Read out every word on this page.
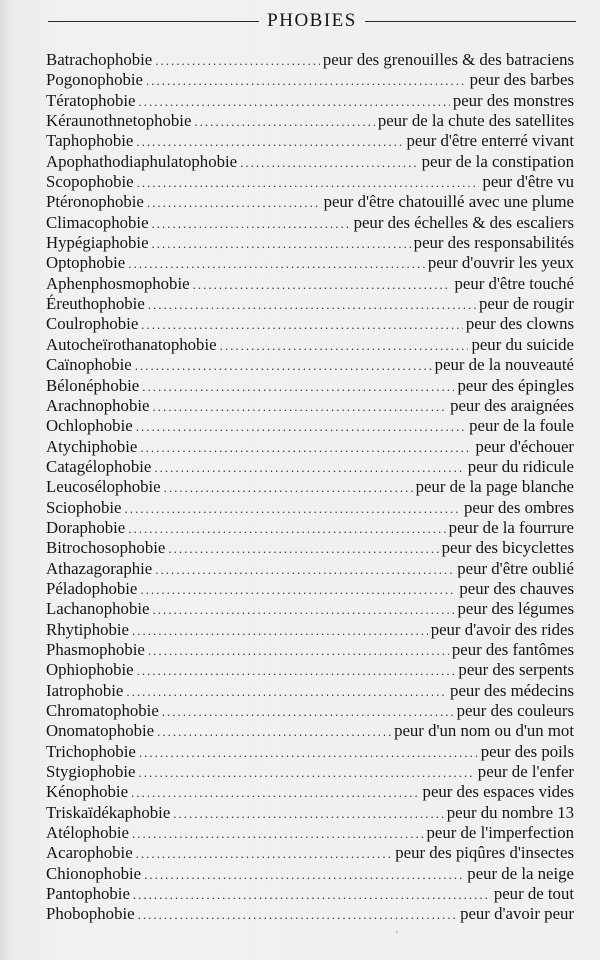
PHOBIES
Batrachophobie .....	peur des grenouilles & des batraciens
Pogonophobie .....	peur des barbes
Tératophobie .....	peur des monstres
Kéraunothnetophobie .....	peur de la chute des satellites
Taphophobie .....	peur d'être enterré vivant
Apophathodiaphulatophobie .....	peur de la constipation
Scopophobie .....	peur d'être vu
Ptéronophobie .....	peur d'être chatouillé avec une plume
Climacophobie .....	peur des échelles & des escaliers
Hypégiaphobie .....	peur des responsabilités
Optophobie .....	peur d'ouvrir les yeux
Aphenphosmophobie .....	peur d'être touché
Éreuthophobie .....	peur de rougir
Coulrophobie .....	peur des clowns
Autocheïrothanatophobie .....	peur du suicide
Caïnophobie .....	peur de la nouveauté
Bélonéphobie .....	peur des épingles
Arachnophobie .....	peur des araignées
Ochlophobie .....	peur de la foule
Atychiphobie .....	peur d'échouer
Catagélophobie .....	peur du ridicule
Leucosélophobie .....	peur de la page blanche
Sciophobie .....	peur des ombres
Doraphobie .....	peur de la fourrure
Bitrochosophobie .....	peur des bicyclettes
Athazagoraphie .....	peur d'être oublié
Péladophobie .....	peur des chauves
Lachanophobie .....	peur des légumes
Rhytiphobie .....	peur d'avoir des rides
Phasmophobie .....	peur des fantômes
Ophiophobie .....	peur des serpents
Iatrophobie .....	peur des médecins
Chromatophobie .....	peur des couleurs
Onomatophobie .....	peur d'un nom ou d'un mot
Trichophobie .....	peur des poils
Stygiophobie .....	peur de l'enfer
Kénophobie .....	peur des espaces vides
Triskaïdékaphobie .....	peur du nombre 13
Atélophobie .....	peur de l'imperfection
Acarophobie .....	peur des piqûres d'insectes
Chionophobie .....	peur de la neige
Pantophobie .....	peur de tout
Phobophobie .....	peur d'avoir peur
′
